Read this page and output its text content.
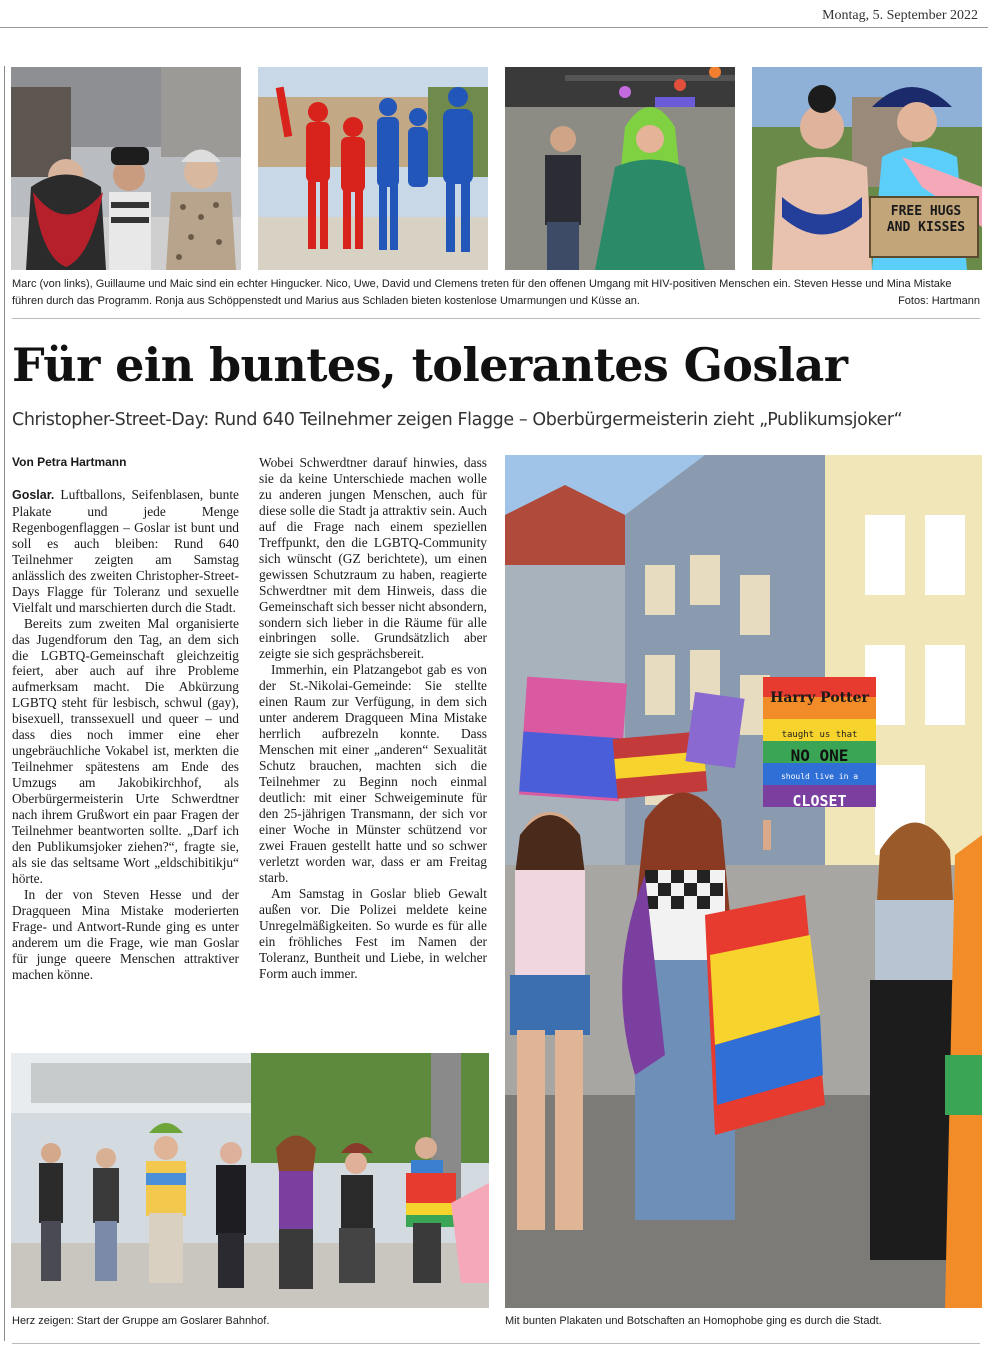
Montag, 5. September 2022
FREE HUGS AND KISSES
Marc (von links), Guillaume und Maic sind ein echter Hingucker. Nico, Uwe, David und Clemens treten für den offenen Umgang mit HIV-positiven Menschen ein. Steven Hesse und Mina Mistake führen durch das Programm. Ronja aus Schöppenstedt und Marius aus Schladen bieten kostenlose Umarmungen und Küsse an.	Fotos: Hartmann
Für ein buntes, tolerantes Goslar
Christopher-Street-Day: Rund 640 Teilnehmer zeigen Flagge – Oberbürgermeisterin zieht „Publikumsjoker“
Von Petra Hartmann

Goslar. Luftballons, Seifenblasen, bunte Plakate und jede Menge Regenbogenflaggen – Goslar ist bunt und soll es auch bleiben: Rund 640 Teilnehmer zeigten am Samstag anlässlich des zweiten Christopher-Street-Days Flagge für Toleranz und sexuelle Vielfalt und marschierten durch die Stadt.

Bereits zum zweiten Mal organisierte das Jugendforum den Tag, an dem sich die LGBTQ-Gemeinschaft gleichzeitig feiert, aber auch auf ihre Probleme aufmerksam macht. Die Abkürzung LGBTQ steht für lesbisch, schwul (gay), bisexuell, transsexuell und queer – und dass dies noch immer eine eher ungebräuchliche Vokabel ist, merkten die Teilnehmer spätestens am Ende des Umzugs am Jakobikirchhof, als Oberbürgermeisterin Urte Schwerdtner nach ihrem Grußwort ein paar Fragen der Teilnehmer beantworten sollte. „Darf ich den Publikumsjoker ziehen?“, fragte sie, als sie das seltsame Wort „eldschibitikju“ hörte.

In der von Steven Hesse und der Dragqueen Mina Mistake moderierten Frage- und Antwort-Runde ging es unter anderem um die Frage, wie man Goslar für junge queere Menschen attraktiver machen könne.

Wobei Schwerdtner darauf hinwies, dass sie da keine Unterschiede machen wolle zu anderen jungen Menschen, auch für diese solle die Stadt ja attraktiv sein. Auch auf die Frage nach einem speziellen Treffpunkt, den die LGBTQ-Community sich wünscht (GZ berichtete), um einen gewissen Schutzraum zu haben, reagierte Schwerdtner mit dem Hinweis, dass die Gemeinschaft sich besser nicht absondern, sondern sich lieber in die Räume für alle einbringen solle. Grundsätzlich aber zeigte sie sich gesprächsbereit.

Immerhin, ein Platzangebot gab es von der St.-Nikolai-Gemeinde: Sie stellte einen Raum zur Verfügung, in dem sich unter anderem Dragqueen Mina Mistake herrlich aufbrezeln konnte. Dass Menschen mit einer „anderen“ Sexualität Schutz brauchen, machten sich die Teilnehmer zu Beginn noch einmal deutlich: mit einer Schweigeminute für den 25-jährigen Transmann, der sich vor einer Woche in Münster schützend vor zwei Frauen gestellt hatte und so schwer verletzt worden war, dass er am Freitag starb.

Am Samstag in Goslar blieb Gewalt außen vor. Die Polizei meldete keine Unregelmäßigkeiten. So wurde es für alle ein fröhliches Fest im Namen der Toleranz, Buntheit und Liebe, in welcher Form auch immer.

Harry Potter
taught us that
NO ONE
should live in a
CLOSET
Herz zeigen: Start der Gruppe am Goslarer Bahnhof.	Mit bunten Plakaten und Botschaften an Homophobe ging es durch die Stadt.
